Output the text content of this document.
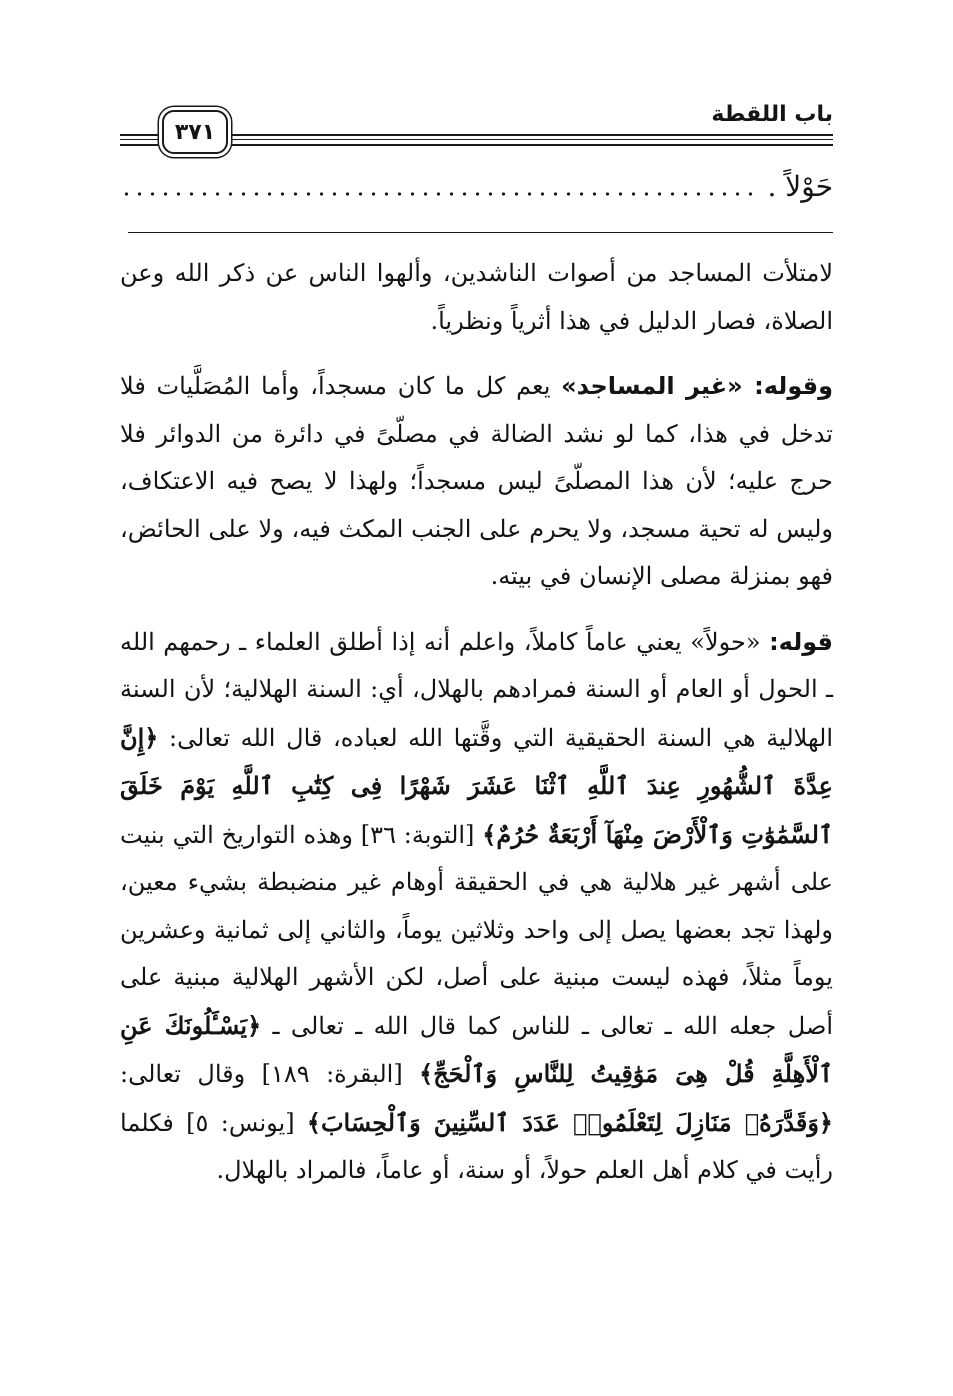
باب اللقطة
٣٧١
حَوْلاً .

لامتلأت المساجد من أصوات الناشدين، وألهوا الناس عن ذكر الله وعن الصلاة، فصار الدليل في هذا أثرياً ونظرياً.

وقوله: «غير المساجد» يعم كل ما كان مسجداً، وأما المُصَلَّيات فلا تدخل في هذا، كما لو نشد الضالة في مصلّىً في دائرة من الدوائر فلا حرج عليه؛ لأن هذا المصلّىً ليس مسجداً؛ ولهذا لا يصح فيه الاعتكاف، وليس له تحية مسجد، ولا يحرم على الجنب المكث فيه، ولا على الحائض، فهو بمنزلة مصلى الإنسان في بيته.

قوله: «حولاً» يعني عاماً كاملاً، واعلم أنه إذا أطلق العلماء ـ رحمهم الله ـ الحول أو العام أو السنة فمرادهم بالهلال، أي: السنة الهلالية؛ لأن السنة الهلالية هي السنة الحقيقية التي وقَّتها الله لعباده، قال الله تعالى: ﴿إِنَّ عِدَّةَ ٱلشُّهُورِ عِندَ ٱللَّهِ ٱثْنَا عَشَرَ شَهْرًا فِى كِتَٰبِ ٱللَّهِ يَوْمَ خَلَقَ ٱلسَّمَٰوَٰتِ وَٱلْأَرْضَ مِنْهَآ أَرْبَعَةٌ حُرُمٌ﴾ [التوبة: ٣٦] وهذه التواريخ التي بنيت على أشهر غير هلالية هي في الحقيقة أوهام غير منضبطة بشيء معين، ولهذا تجد بعضها يصل إلى واحد وثلاثين يوماً، والثاني إلى ثمانية وعشرين يوماً مثلاً، فهذه ليست مبنية على أصل، لكن الأشهر الهلالية مبنية على أصل جعله الله ـ تعالى ـ للناس كما قال الله ـ تعالى ـ ﴿يَسْـَٔلُونَكَ عَنِ ٱلْأَهِلَّةِ قُلْ هِىَ مَوَٰقِيتُ لِلنَّاسِ وَٱلْحَجِّ﴾ [البقرة: ١٨٩] وقال تعالى: ﴿وَقَدَّرَهُۥ مَنَازِلَ لِتَعْلَمُوا۟ عَدَدَ ٱلسِّنِينَ وَٱلْحِسَابَ﴾ [يونس: ٥] فكلما رأيت في كلام أهل العلم حولاً، أو سنة، أو عاماً، فالمراد بالهلال.
